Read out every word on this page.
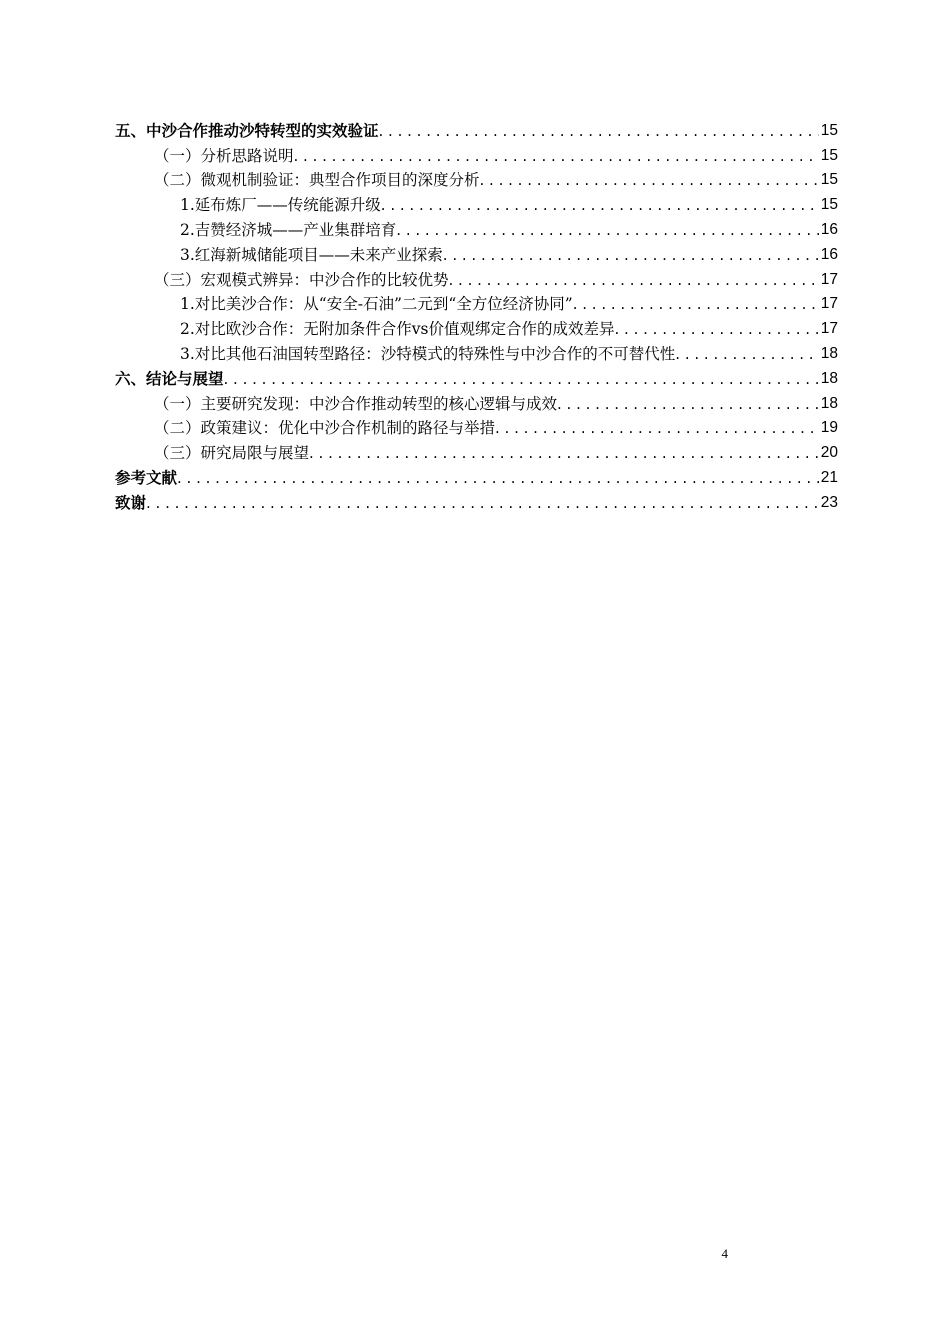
五、中沙合作推动沙特转型的实效验证 . . .	15
（一）分析思路说明 . . .	15
（二）微观机制验证：典型合作项目的深度分析 . . .	15
1.延布炼厂——传统能源升级 . . .	15
2.吉赞经济城——产业集群培育 . . .	16
3.红海新城储能项目——未来产业探索 . . .	16
（三）宏观模式辨异：中沙合作的比较优势 . . .	17
1.对比美沙合作：从“安全-石油”二元到“全方位经济协同” . . .	17
2.对比欧沙合作：无附加条件合作vs价值观绑定合作的成效差异 . . .	17
3.对比其他石油国转型路径：沙特模式的特殊性与中沙合作的不可替代性 . . .	18
六、结论与展望 . . .	18
（一）主要研究发现：中沙合作推动转型的核心逻辑与成效 . . .	18
（二）政策建议：优化中沙合作机制的路径与举措 . . .	19
（三）研究局限与展望 . . .	20
参考文献 . . .	21
致谢 . . .	23
4
